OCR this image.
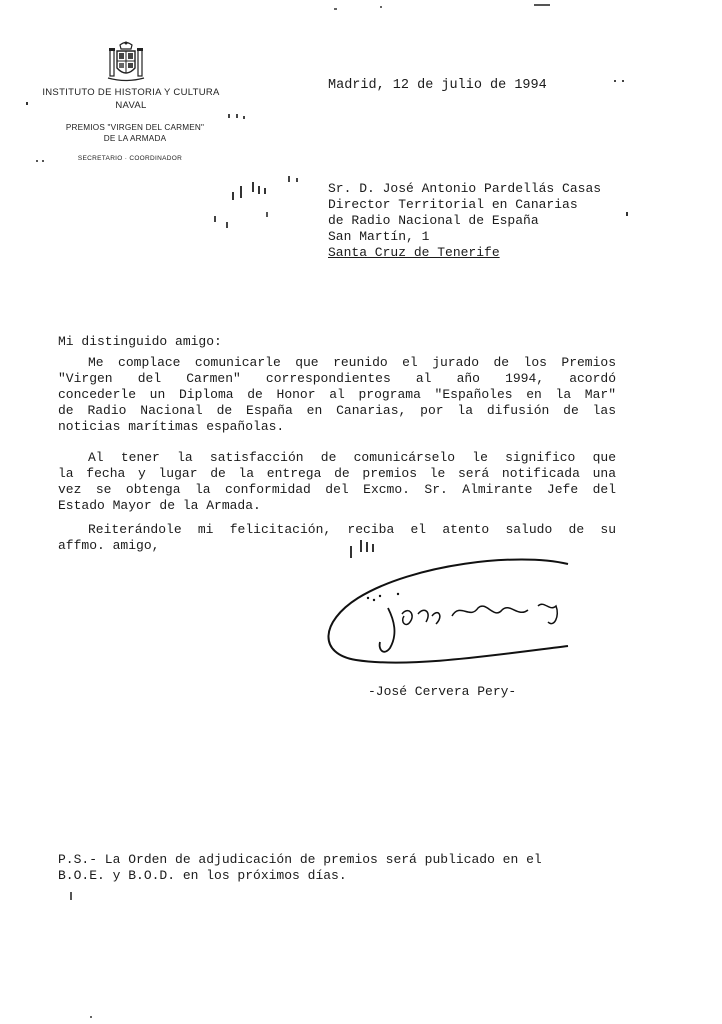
INSTITUTO DE HISTORIA Y CULTURA
NAVAL
PREMIOS "VIRGEN DEL CARMEN"
DE LA ARMADA
SECRETARIO · COORDINADOR
Madrid, 12 de julio de 1994
Sr. D. José Antonio Pardellás Casas
Director Territorial en Canarias
de Radio Nacional de España
San Martín, 1
Santa Cruz de Tenerife
Mi distinguido amigo:
Me complace comunicarle que reunido el jurado de los Premios
"Virgen del Carmen" correspondientes al año 1994, acordó
concederle un Diploma de Honor al programa "Españoles en la Mar"
de Radio Nacional de España en Canarias, por la difusión de las
noticias marítimas españolas.
Al tener la satisfacción de comunicárselo le significo que
la fecha y lugar de la entrega de premios le será notificada una
vez se obtenga la conformidad del Excmo. Sr. Almirante Jefe del
Estado Mayor de la Armada.
Reiterándole mi felicitación, reciba el atento saludo de su
affmo. amigo,
-José Cervera Pery-
P.S.- La Orden de adjudicación de premios será publicado en el
B.O.E. y B.O.D. en los próximos días.
